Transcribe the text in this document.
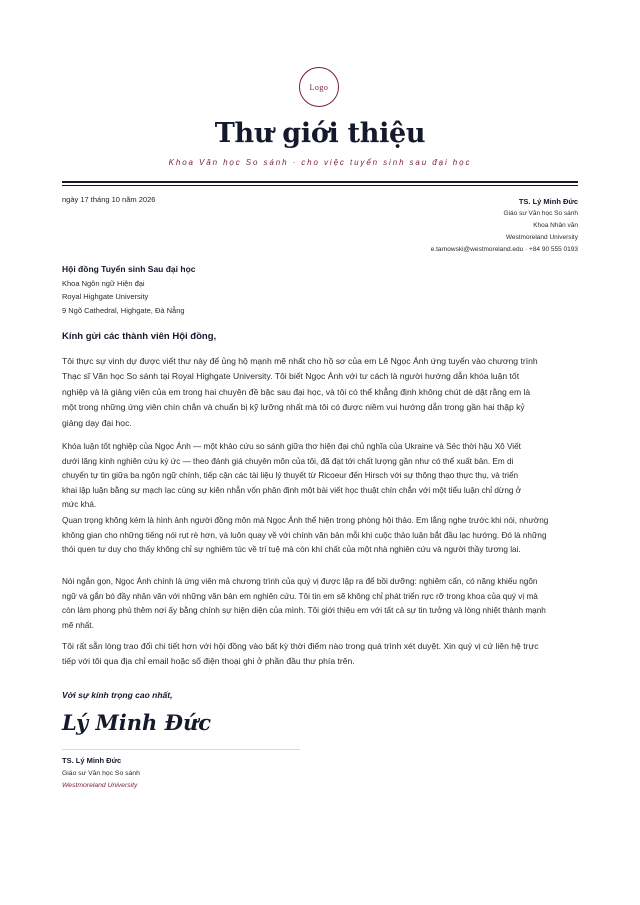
Logo
Thư giới thiệu
Khoa Văn học So sánh · cho việc tuyển sinh sau đại học
ngày 17 tháng 10 năm 2026	TS. Lý Minh Đức
Giáo sư Văn học So sánh
Khoa Nhân văn
Westmoreland University
e.tarnowski@westmoreland.edu · +84 90 555 0193
Hội đồng Tuyển sinh Sau đại học
Khoa Ngôn ngữ Hiện đại
Royal Highgate University
9 Ngõ Cathedral, Highgate, Đà Nẵng
Kính gửi các thành viên Hội đồng,
Tôi thực sự vinh dự được viết thư này để ủng hộ mạnh mẽ nhất cho hồ sơ của em Lê Ngọc Ánh ứng tuyển vào chương trình
Thạc sĩ Văn học So sánh tại Royal Highgate University. Tôi biết Ngọc Ánh với tư cách là người hướng dẫn khóa luận tốt
nghiệp và là giảng viên của em trong hai chuyên đề bậc sau đại học, và tôi có thể khẳng định không chút dè dặt rằng em là
một trong những ứng viên chín chắn và chuẩn bị kỹ lưỡng nhất mà tôi có được niềm vui hướng dẫn trong gần hai thập kỷ
giảng dạy đại học.
Khóa luận tốt nghiệp của Ngọc Ánh — một khảo cứu so sánh giữa thơ hiện đại chủ nghĩa của Ukraine và Séc thời hậu Xô Viết
dưới lăng kính nghiên cứu ký ức — theo đánh giá chuyên môn của tôi, đã đạt tới chất lượng gần như có thể xuất bản. Em di
chuyển tự tin giữa ba ngôn ngữ chính, tiếp cận các tài liệu lý thuyết từ Ricoeur đến Hirsch với sự thông thạo thực thụ, và triển
khai lập luận bằng sự mạch lạc cùng sự kiên nhẫn vốn phân định một bài viết học thuật chín chắn với một tiểu luận chỉ dừng ở
mức khá.
Quan trọng không kém là hình ảnh người đồng môn mà Ngọc Ánh thể hiện trong phòng hội thảo. Em lắng nghe trước khi nói, nhường
không gian cho những tiếng nói rụt rè hơn, và luôn quay về với chính văn bản mỗi khi cuộc thảo luận bắt đầu lạc hướng. Đó là những
thói quen tư duy cho thấy không chỉ sự nghiêm túc về trí tuệ mà còn khí chất của một nhà nghiên cứu và người thầy tương lai.
Nói ngắn gọn, Ngọc Ánh chính là ứng viên mà chương trình của quý vị được lập ra để bồi dưỡng: nghiêm cẩn, có năng khiếu ngôn
ngữ và gắn bó đầy nhân văn với những văn bản em nghiên cứu. Tôi tin em sẽ không chỉ phát triển rực rỡ trong khoa của quý vị mà
còn làm phong phú thêm nơi ấy bằng chính sự hiện diện của mình. Tôi giới thiệu em với tất cả sự tin tưởng và lòng nhiệt thành mạnh
mẽ nhất.
Tôi rất sẵn lòng trao đổi chi tiết hơn với hội đồng vào bất kỳ thời điểm nào trong quá trình xét duyệt. Xin quý vị cứ liên hệ trực
tiếp với tôi qua địa chỉ email hoặc số điện thoại ghi ở phần đầu thư phía trên.
Với sự kính trọng cao nhất,
Lý Minh Đức
TS. Lý Minh Đức
Giáo sư Văn học So sánh
Westmoreland University
